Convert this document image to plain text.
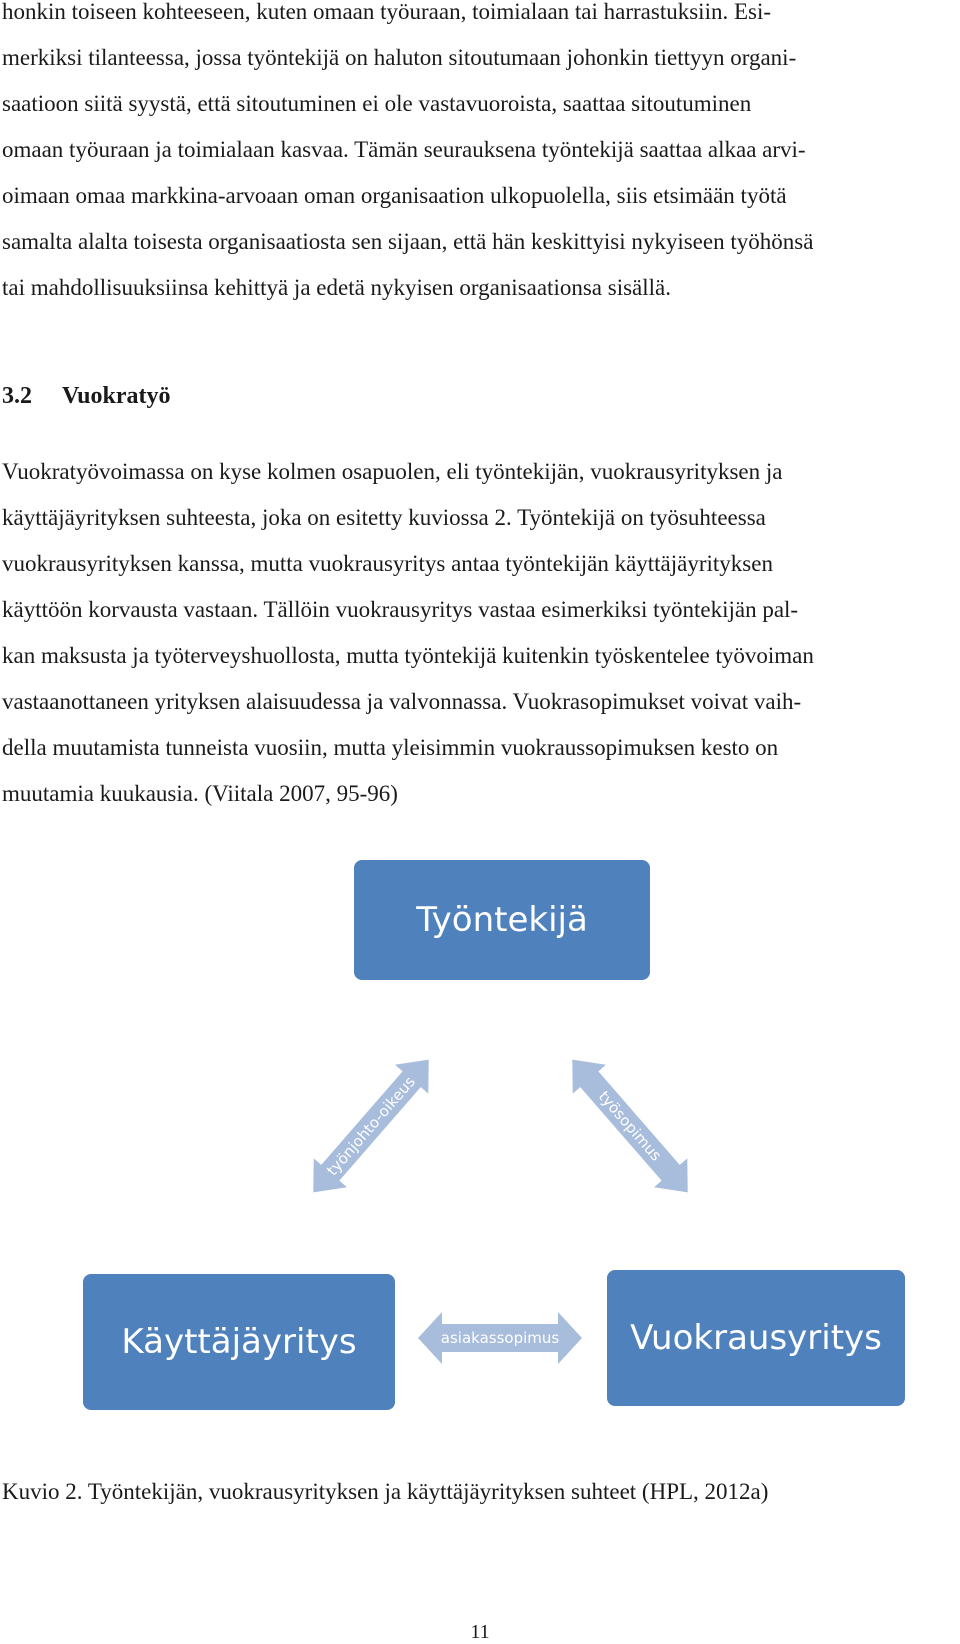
honkin toiseen kohteeseen, kuten omaan työuraan, toimialaan tai harrastuksiin. Esi-

merkiksi tilanteessa, jossa työntekijä on haluton sitoutumaan johonkin tiettyyn organi-

saatioon siitä syystä, että sitoutuminen ei ole vastavuoroista, saattaa sitoutuminen

omaan työuraan ja toimialaan kasvaa. Tämän seurauksena työntekijä saattaa alkaa arvi-

oimaan omaa markkina-arvoaan oman organisaation ulkopuolella, siis etsimään työtä

samalta alalta toisesta organisaatiosta sen sijaan, että hän keskittyisi nykyiseen työhönsä

tai mahdollisuuksiinsa kehittyä ja edetä nykyisen organisaationsa sisällä.

3.2 Vuokratyö

Vuokratyövoimassa on kyse kolmen osapuolen, eli työntekijän, vuokrausyrityksen ja

käyttäjäyrityksen suhteesta, joka on esitetty kuviossa 2. Työntekijä on työsuhteessa

vuokrausyrityksen kanssa, mutta vuokrausyritys antaa työntekijän käyttäjäyrityksen

käyttöön korvausta vastaan. Tällöin vuokrausyritys vastaa esimerkiksi työntekijän pal-

kan maksusta ja työterveyshuollosta, mutta työntekijä kuitenkin työskentelee työvoiman

vastaanottaneen yrityksen alaisuudessa ja valvonnassa. Vuokrasopimukset voivat vaih-

della muutamista tunneista vuosiin, mutta yleisimmin vuokraussopimuksen kesto on

muutamia kuukausia. (Viitala 2007, 95-96)

työnjohto-oikeus	työsopimus
asiakassopimus
Työntekijä
Käyttäjäyritys	Vuokrausyritys

Kuvio 2. Työntekijän, vuokrausyrityksen ja käyttäjäyrityksen suhteet (HPL, 2012a)

11
